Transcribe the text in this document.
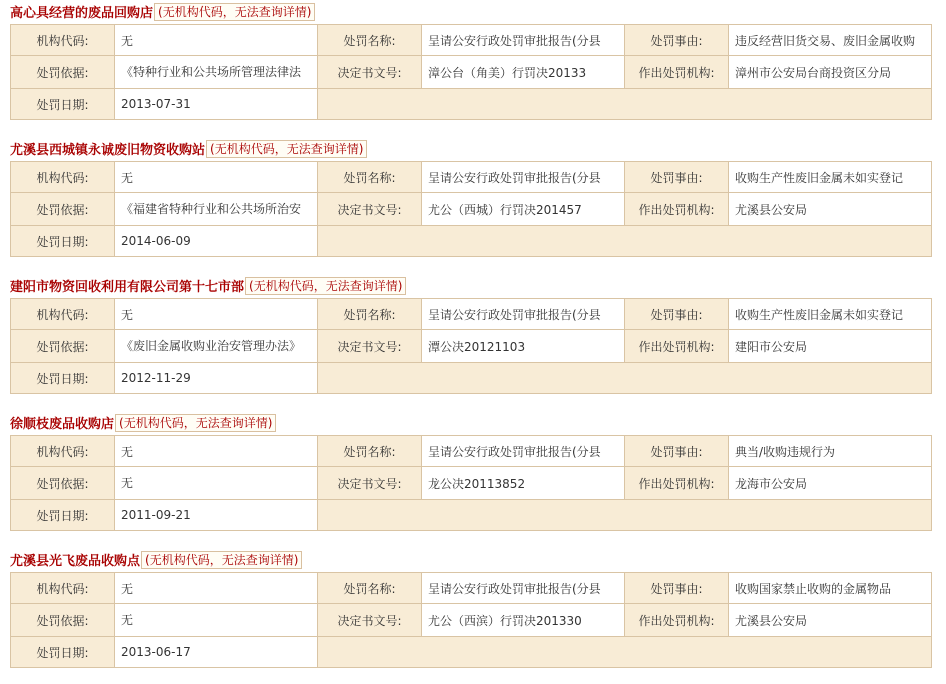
高心具经营的废品回购店 (无机构代码，无法查询详情)
机构代码:	无	处罚名称:	呈请公安行政处罚审批报告(分县	处罚事由:	违反经营旧货交易、废旧金属收购
处罚依据:	《特种行业和公共场所管理法律法	决定书文号:	漳公台（角美）行罚决20133	作出处罚机构:	漳州市公安局台商投资区分局
处罚日期:	2013-07-31				
尤溪县西城镇永诚废旧物资收购站 (无机构代码，无法查询详情)
机构代码:	无	处罚名称:	呈请公安行政处罚审批报告(分县	处罚事由:	收购生产性废旧金属未如实登记
处罚依据:	《福建省特种行业和公共场所治安	决定书文号:	尤公（西城）行罚决201457	作出处罚机构:	尤溪县公安局
处罚日期:	2014-06-09				
建阳市物资回收利用有限公司第十七市部 (无机构代码，无法查询详情)
机构代码:	无	处罚名称:	呈请公安行政处罚审批报告(分县	处罚事由:	收购生产性废旧金属未如实登记
处罚依据:	《废旧金属收购业治安管理办法》	决定书文号:	潭公决20121103	作出处罚机构:	建阳市公安局
处罚日期:	2012-11-29				
徐顺枝废品收购店 (无机构代码，无法查询详情)
机构代码:	无	处罚名称:	呈请公安行政处罚审批报告(分县	处罚事由:	典当/收购违规行为
处罚依据:	无	决定书文号:	龙公决20113852	作出处罚机构:	龙海市公安局
处罚日期:	2011-09-21				
尤溪县光飞废品收购点 (无机构代码，无法查询详情)
机构代码:	无	处罚名称:	呈请公安行政处罚审批报告(分县	处罚事由:	收购国家禁止收购的金属物品
处罚依据:	无	决定书文号:	尤公（西滨）行罚决201330	作出处罚机构:	尤溪县公安局
处罚日期:	2013-06-17				
